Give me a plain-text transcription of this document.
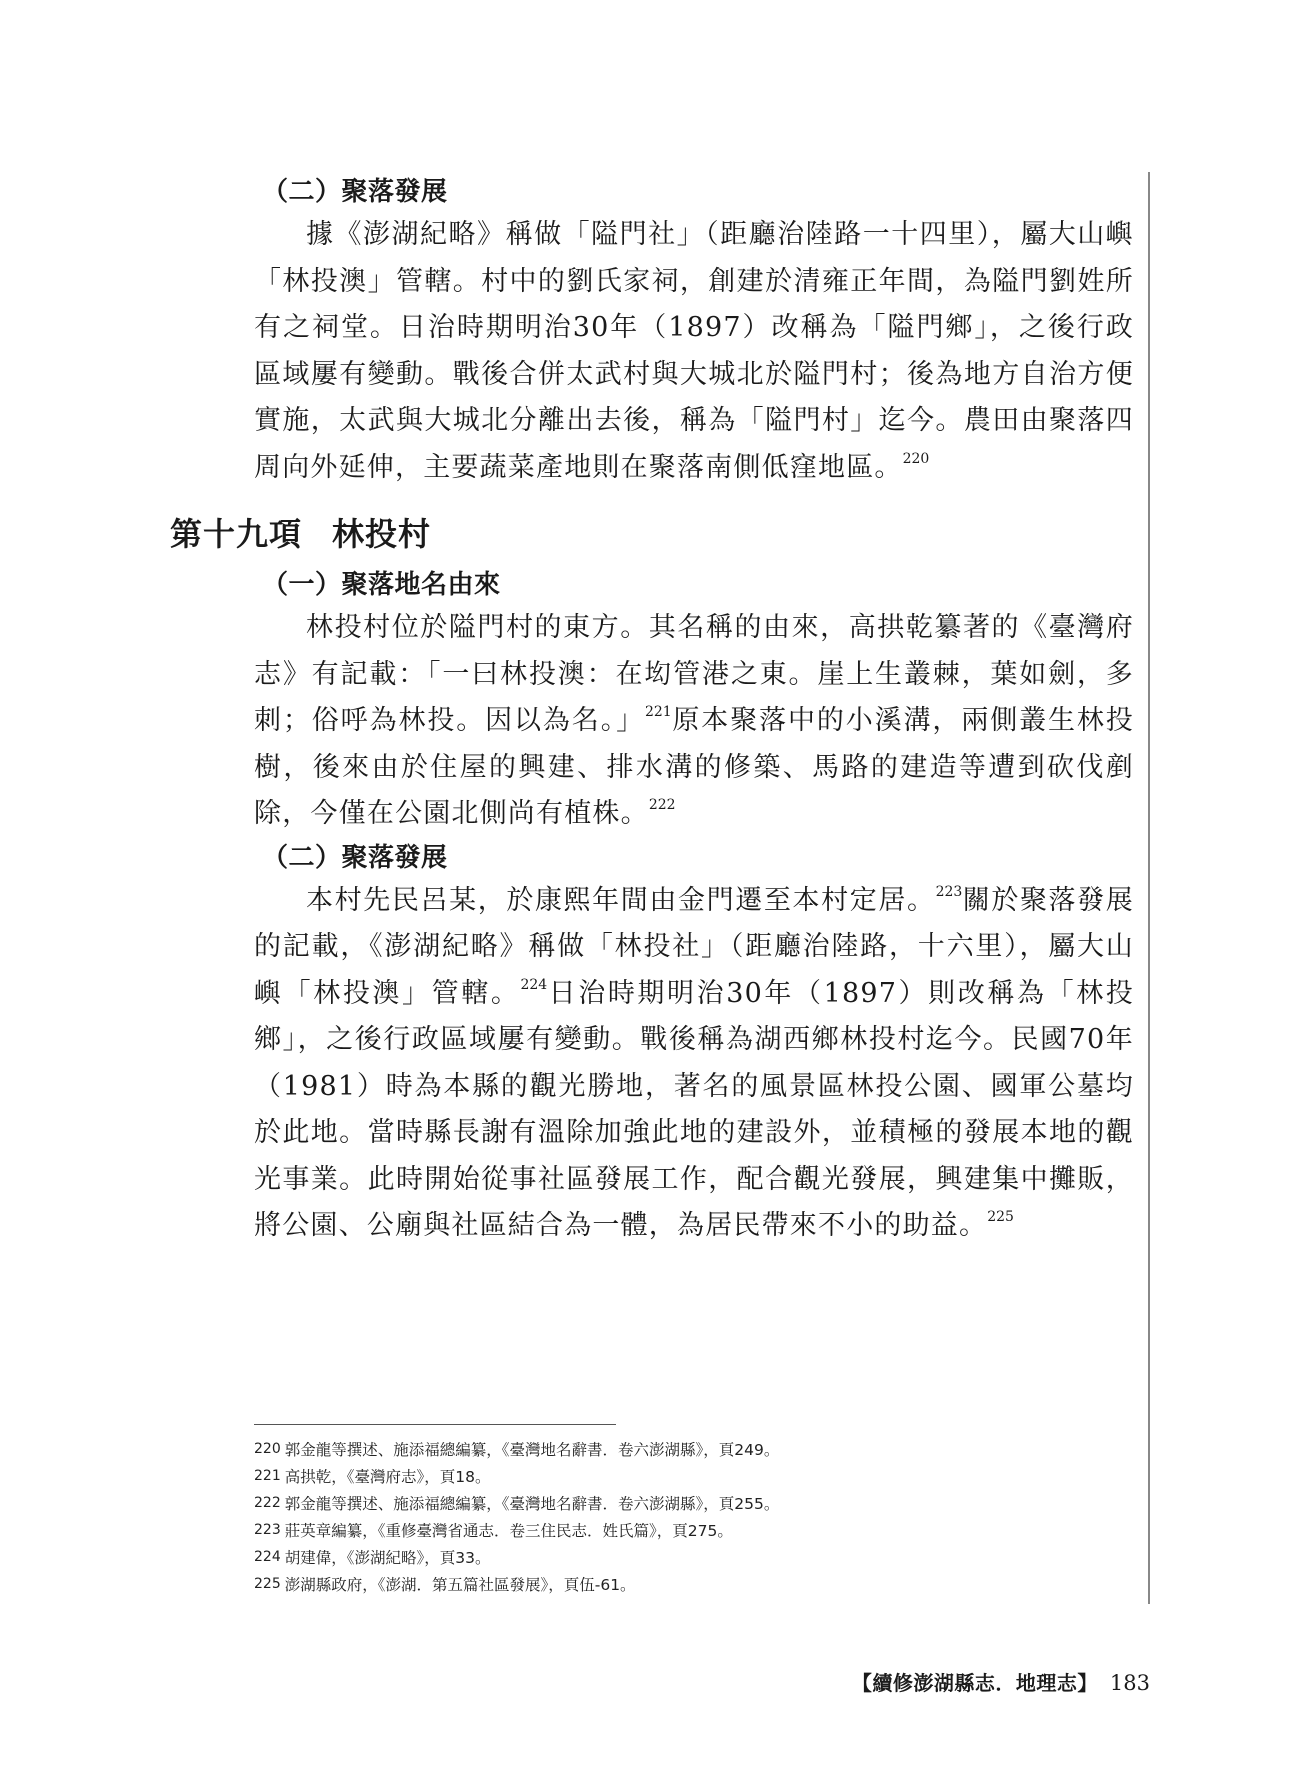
（二）聚落發展

據《澎湖紀略》稱做「隘門社」（距廳治陸路一十四里），屬大山嶼「林投澳」管轄。村中的劉氏家祠，創建於清雍正年間，為隘門劉姓所有之祠堂。日治時期明治30年（1897）改稱為「隘門鄉」，之後行政區域屢有變動。戰後合併太武村與大城北於隘門村；後為地方自治方便實施，太武與大城北分離出去後，稱為「隘門村」迄今。農田由聚落四周向外延伸，主要蔬菜產地則在聚落南側低窪地區。$^{220}$

第十九項 林投村
（一）聚落地名由來

林投村位於隘門村的東方。其名稱的由來，高拱乾纂著的《臺灣府志》有記載：「一曰林投澳：在㘭管港之東。崖上生叢棘，葉如劍，多刺；俗呼為林投。因以為名。」$^{221}$原本聚落中的小溪溝，兩側叢生林投樹，後來由於住屋的興建、排水溝的修築、馬路的建造等遭到砍伐剷除，今僅在公園北側尚有植株。$^{222}$

（二）聚落發展

本村先民呂某，於康熙年間由金門遷至本村定居。$^{223}$關於聚落發展的記載，《澎湖紀略》稱做「林投社」（距廳治陸路，十六里），屬大山嶼「林投澳」管轄。$^{224}$日治時期明治30年（1897）則改稱為「林投鄉」，之後行政區域屢有變動。戰後稱為湖西鄉林投村迄今。民國70年（1981）時為本縣的觀光勝地，著名的風景區林投公園、國軍公墓均於此地。當時縣長謝有溫除加強此地的建設外，並積極的發展本地的觀光事業。此時開始從事社區發展工作，配合觀光發展，興建集中攤販，將公園、公廟與社區結合為一體，為居民帶來不小的助益。$^{225}$

220 郭金龍等撰述、施添福總編纂，《臺灣地名辭書．卷六澎湖縣》，頁249。

221 高拱乾，《臺灣府志》，頁18。

222 郭金龍等撰述、施添福總編纂，《臺灣地名辭書．卷六澎湖縣》，頁255。

223 莊英章編纂，《重修臺灣省通志．卷三住民志．姓氏篇》，頁275。

224 胡建偉，《澎湖紀略》，頁33。

225 澎湖縣政府，《澎湖．第五篇社區發展》，頁伍-61。

【續修澎湖縣志．地理志】 183
